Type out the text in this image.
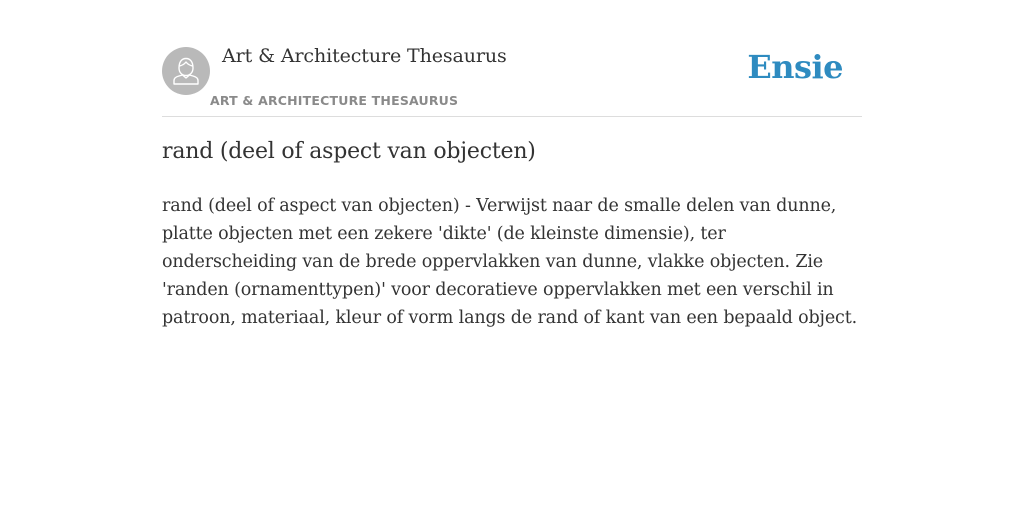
Art & Architecture Thesaurus
ART & ARCHITECTURE THESAURUS
Ensie
rand (deel of aspect van objecten)

rand (deel of aspect van objecten) - Verwijst naar de smalle delen van dunne, platte objecten met een zekere 'dikte' (de kleinste dimensie), ter onderscheiding van de brede oppervlakken van dunne, vlakke objecten. Zie 'randen (ornamenttypen)' voor decoratieve oppervlakken met een verschil in patroon, materiaal, kleur of vorm langs de rand of kant van een bepaald object.
